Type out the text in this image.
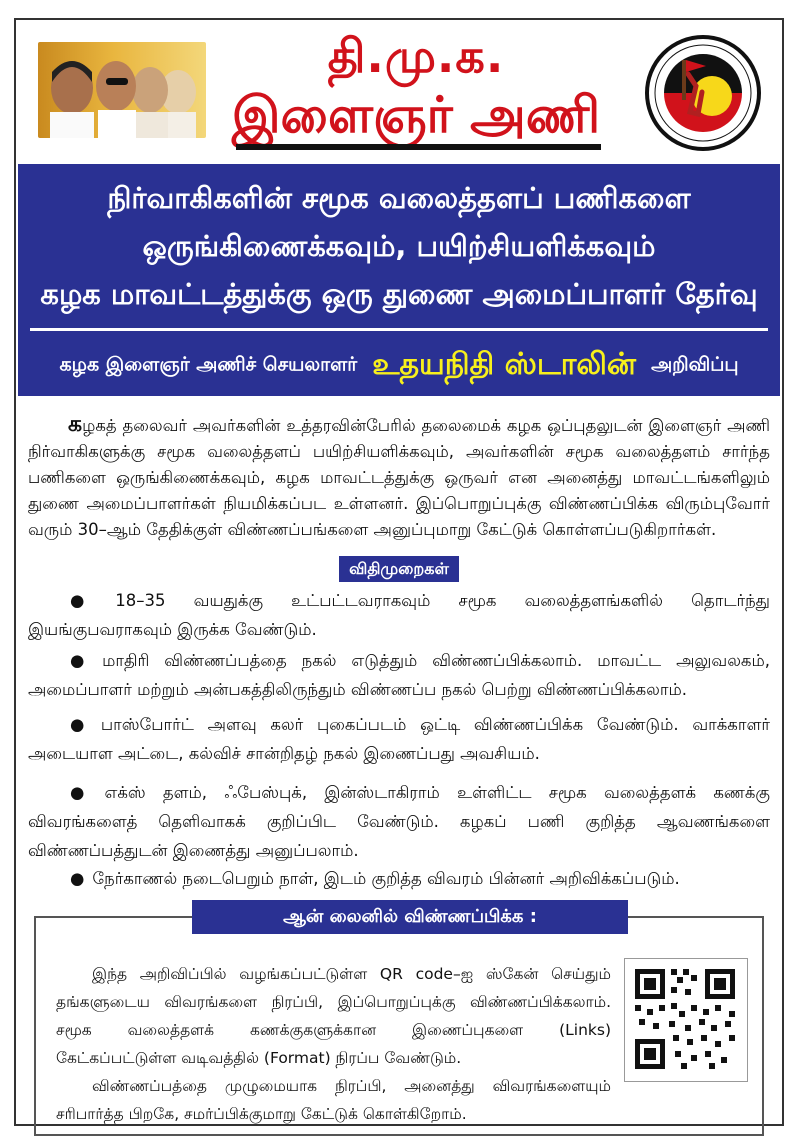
தி.மு.க.
இளைஞர் அணி
நிர்வாகிகளின் சமூக வலைத்தளப் பணிகளை
ஒருங்கிணைக்கவும், பயிற்சியளிக்கவும்
கழக மாவட்டத்துக்கு ஒரு துணை அமைப்பாளர் தேர்வு
கழக இளைஞர் அணிச் செயலாளர் உதயநிதி ஸ்டாலின் அறிவிப்பு
கழகத் தலைவர் அவர்களின் உத்தரவின்பேரில் தலைமைக் கழக ஒப்புதலுடன் இளைஞர் அணி நிர்வாகிகளுக்கு சமூக வலைத்தளப் பயிற்சியளிக்கவும், அவர்களின் சமூக வலைத்தளம் சார்ந்த பணிகளை ஒருங்கிணைக்கவும், கழக மாவட்டத்துக்கு ஒருவர் என அனைத்து மாவட்டங்களிலும் துணை அமைப்பாளர்கள் நியமிக்கப்பட உள்ளனர். இப்பொறுப்புக்கு விண்ணப்பிக்க விரும்புவோர் வரும் 30–ஆம் தேதிக்குள் விண்ணப்பங்களை அனுப்புமாறு கேட்டுக் கொள்ளப்படுகிறார்கள்.
விதிமுறைகள்
● 18–35 வயதுக்கு உட்பட்டவராகவும் சமூக வலைத்தளங்களில் தொடர்ந்து இயங்குபவராகவும் இருக்க வேண்டும்.
● மாதிரி விண்ணப்பத்தை நகல் எடுத்தும் விண்ணப்பிக்கலாம். மாவட்ட அலுவலகம், அமைப்பாளர் மற்றும் அன்பகத்திலிருந்தும் விண்ணப்ப நகல் பெற்று விண்ணப்பிக்கலாம்.
● பாஸ்போர்ட் அளவு கலர் புகைப்படம் ஒட்டி விண்ணப்பிக்க வேண்டும். வாக்காளர் அடையாள அட்டை, கல்விச் சான்றிதழ் நகல் இணைப்பது அவசியம்.
● எக்ஸ் தளம், ஃபேஸ்புக், இன்ஸ்டாகிராம் உள்ளிட்ட சமூக வலைத்தளக் கணக்கு விவரங்களைத் தெளிவாகக் குறிப்பிட வேண்டும். கழகப் பணி குறித்த ஆவணங்களை விண்ணப்பத்துடன் இணைத்து அனுப்பலாம்.
● நேர்காணல் நடைபெறும் நாள், இடம் குறித்த விவரம் பின்னர் அறிவிக்கப்படும்.

இந்த அறிவிப்பில் வழங்கப்பட்டுள்ள QR code–ஐ ஸ்கேன் செய்தும் தங்களுடைய விவரங்களை நிரப்பி, இப்பொறுப்புக்கு விண்ணப்பிக்கலாம். சமூக வலைத்தளக் கணக்குகளுக்கான இணைப்புகளை (Links) கேட்கப்பட்டுள்ள வடிவத்தில் (Format) நிரப்ப வேண்டும்.

விண்ணப்பத்தை முழுமையாக நிரப்பி, அனைத்து விவரங்களையும் சரிபார்த்த பிறகே, சமர்ப்பிக்குமாறு கேட்டுக் கொள்கிறோம்.

ஆன் லைனில் விண்ணப்பிக்க : bit.ly/DMKYW_SM
